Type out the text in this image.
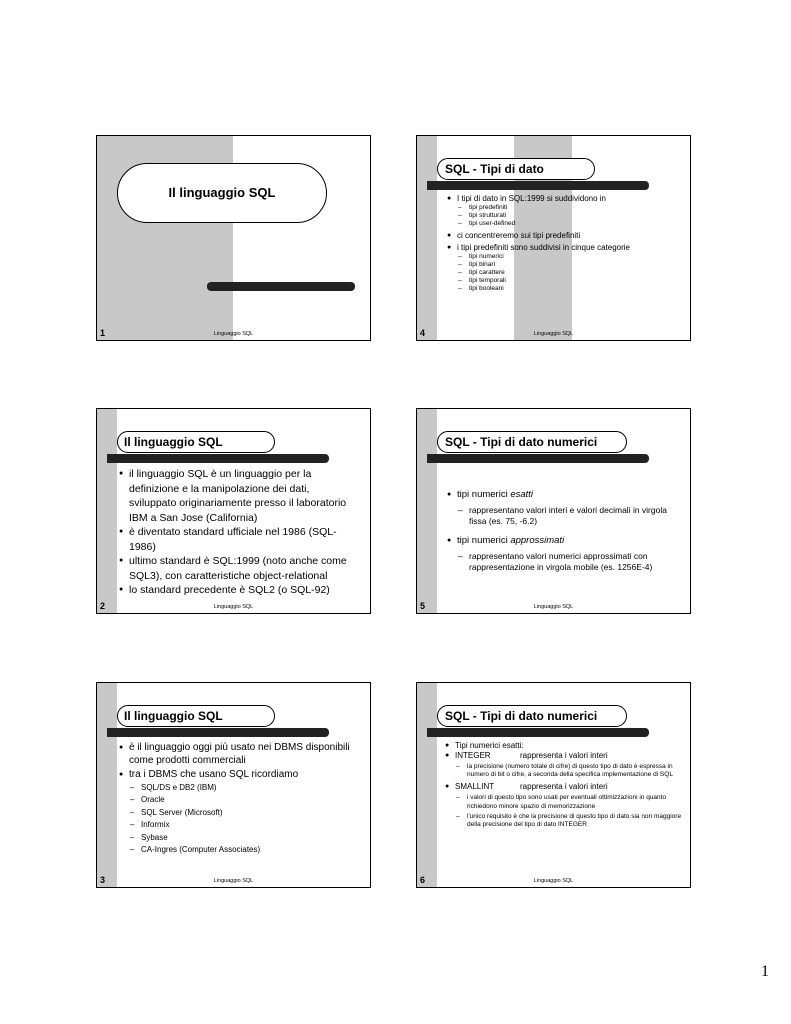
Il linguaggio SQL
1	Linguaggio SQL
SQL - Tipi di dato
● I tipi di dato in SQL:1999 si suddividono in
– tipi predefiniti
– tipi strutturati
– tipi user-defined
● ci concentreremo sui tipi predefiniti
● i tipi predefiniti sono suddivisi in cinque categorie
– tipi numerici
– tipi binari
– tipi carattere
– tipi temporali
– tipi booleani
4	Linguaggio SQL
Il linguaggio SQL
● il linguaggio SQL è un linguaggio per la definizione e la manipolazione dei dati, sviluppato originariamente presso il laboratorio IBM a San Jose (California)
● è diventato standard ufficiale nel 1986 (SQL-1986)
● ultimo standard è SQL:1999 (noto anche come SQL3), con caratteristiche object-relational
● lo standard precedente è SQL2 (o SQL-92)
2	Linguaggio SQL
SQL - Tipi di dato numerici
● tipi numerici esatti
– rappresentano valori interi e valori decimali in virgola fissa (es. 75, -6.2)
● tipi numerici approssimati
– rappresentano valori numerici approssimati con rappresentazione in virgola mobile (es. 1256E-4)
5	Linguaggio SQL
Il linguaggio SQL
● è il linguaggio oggi più usato nei DBMS disponibili come prodotti commerciali
● tra i DBMS che usano SQL ricordiamo
– SQL/DS e DB2 (IBM)
– Oracle
– SQL Server (Microsoft)
– Informix
– Sybase
– CA-Ingres (Computer Associates)
3	Linguaggio SQL
SQL - Tipi di dato numerici
● Tipi numerici esatti:
● INTEGER	rappresenta i valori interi
– la precisione (numero totale di cifre) di questo tipo di dato è espressa in numero di bit o cifre, a seconda della specifica implementazione di SQL
● SMALLINT	rappresenta i valori interi
– i valori di questo tipo sono usati per eventuali ottimizzazioni in quanto richiedono minore spazio di memorizzazione
– l'unico requisito è che la precisione di questo tipo di dato sia non maggiore della precisione del tipo di dato INTEGER
6	Linguaggio SQL
1
